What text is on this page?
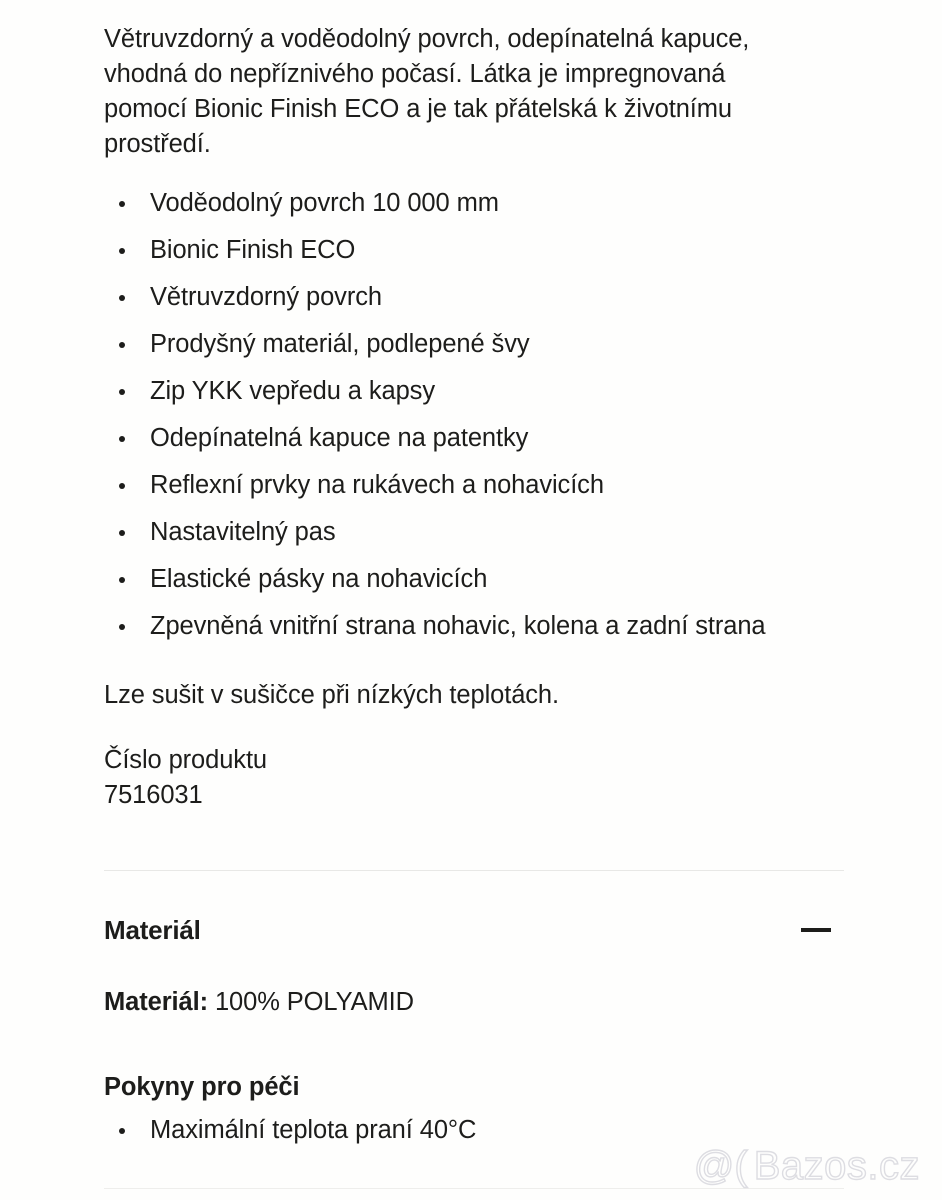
Větruvzdorný a voděodolný povrch, odepínatelná kapuce, vhodná do nepříznivého počasí. Látka je impregnovaná pomocí Bionic Finish ECO a je tak přátelská k životnímu prostředí.

Voděodolný povrch 10 000 mm
Bionic Finish ECO
Větruvzdorný povrch
Prodyšný materiál, podlepené švy
Zip YKK vepředu a kapsy
Odepínatelná kapuce na patentky
Reflexní prvky na rukávech a nohavicích
Nastavitelný pas
Elastické pásky na nohavicích
Zpevněná vnitřní strana nohavic, kolena a zadní strana

Lze sušit v sušičce při nízkých teplotách.

Číslo produktu
7516031

Materiál

Materiál: 100% POLYAMID

Pokyny pro péči

Maximální teplota praní 40°C
@( Bazos.cz
